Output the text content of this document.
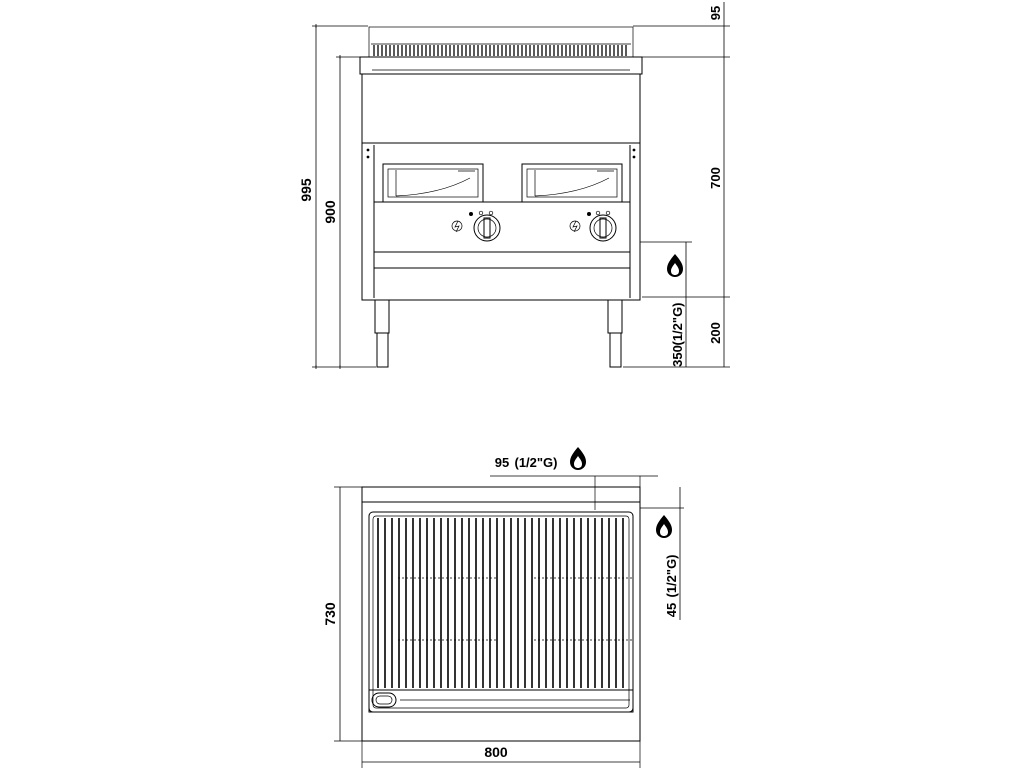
995
900
95
700
200
(1/2"G)
350
730
800
95 (1/2"G)
(1/2"G)
45
